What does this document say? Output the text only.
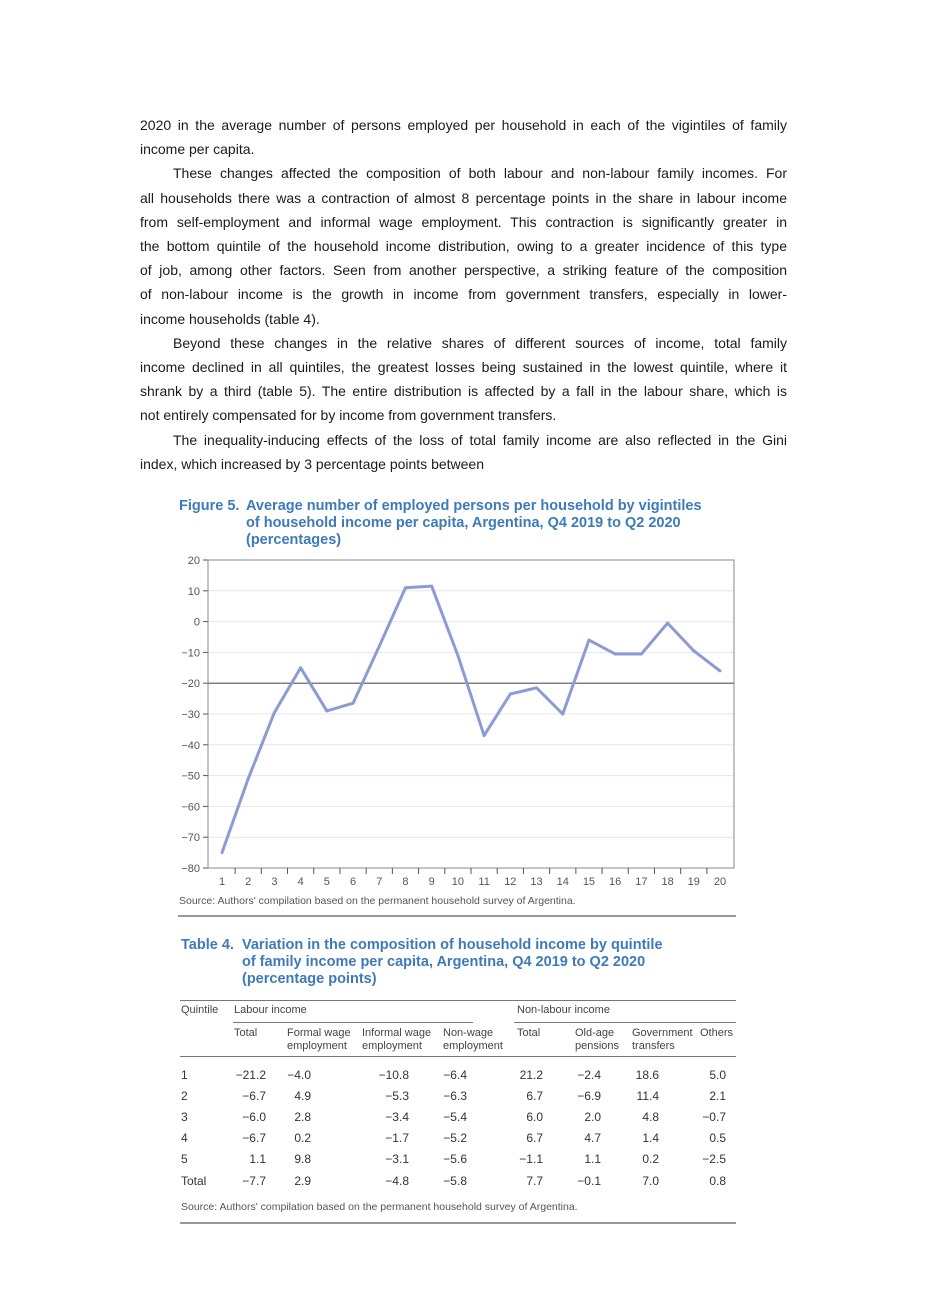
2020 in the average number of persons employed per household in each of the vigintiles of family
income per capita.
These changes affected the composition of both labour and non-labour family incomes. For
all households there was a contraction of almost 8 percentage points in the share in labour income
from self-employment and informal wage employment. This contraction is significantly greater in
the bottom quintile of the household income distribution, owing to a greater incidence of this type
of job, among other factors. Seen from another perspective, a striking feature of the composition
of non-labour income is the growth in income from government transfers, especially in lower-
income households (table 4).
Beyond these changes in the relative shares of different sources of income, total family
income declined in all quintiles, the greatest losses being sustained in the lowest quintile, where it
shrank by a third (table 5). The entire distribution is affected by a fall in the labour share, which is
not entirely compensated for by income from government transfers.
The inequality-inducing effects of the loss of total family income are also reflected in the Gini
index, which increased by 3 percentage points between
Figure 5. Average number of employed persons per household by vigintiles
of household income per capita, Argentina, Q4 2019 to Q2 2020
(percentages)
20
10
0
−10
−20
−30
−40
−50
−60
−70
−80
1 2 3 4 5 6 7 8 9 10 11 12 13 14 15 16 17 18 19 20
Source: Authors' compilation based on the permanent household survey of Argentina.
Table 4. Variation in the composition of household income by quintile
of family income per capita, Argentina, Q4 2019 to Q2 2020
(percentage points)
Quintile Labour income	Non-labour income
Total	Formal wage
employment
Informal wage
employment
Non-wage
employment
Total	Old-age
pensions
Government
transfers
Others
1	−21.2	−4.0	−10.8	−6.4	21.2	−2.4	18.6	5.0
2	−6.7	4.9	−5.3	−6.3	6.7	−6.9	11.4	2.1
3	−6.0	2.8	−3.4	−5.4	6.0	2.0	4.8	−0.7
4	−6.7	0.2	−1.7	−5.2	6.7	4.7	1.4	0.5
5	1.1	9.8	−3.1	−5.6	−1.1	1.1	0.2	−2.5
Total	−7.7	2.9	−4.8	−5.8	7.7	−0.1	7.0	0.8
Source: Authors' compilation based on the permanent household survey of Argentina.
